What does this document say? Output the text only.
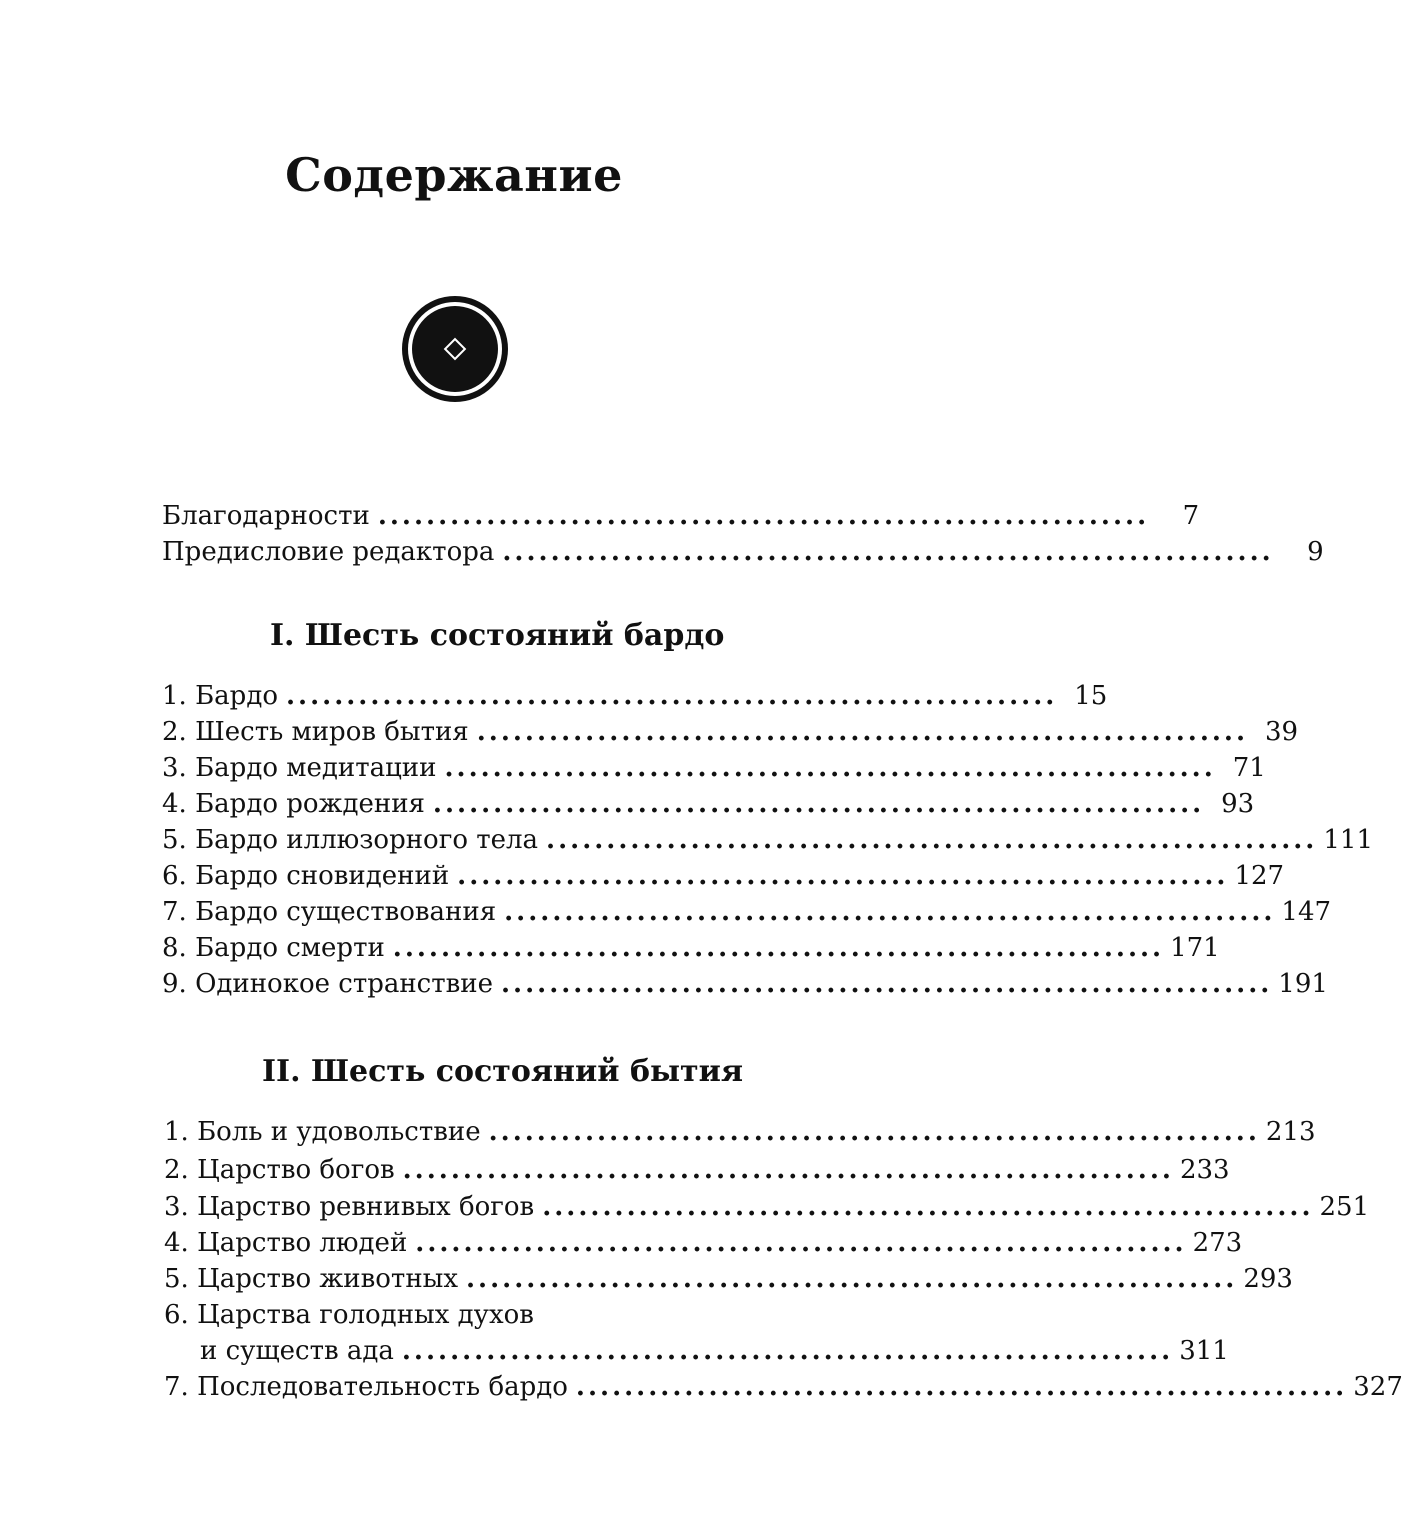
Содержание
Благодарности ................................................................	7
Предисловие редактора ................................................................	9
I. Шесть состояний бардо
1. Бардо ................................................................ 15
2. Шесть миров бытия ................................................................ 39
3. Бардо медитации ................................................................ 71
4. Бардо рождения ................................................................ 93
5. Бардо иллюзорного тела ................................................................ 111
6. Бардо сновидений ................................................................ 127
7. Бардо существования ................................................................ 147
8. Бардо смерти ................................................................ 171
9. Одинокое странствие ................................................................ 191
II. Шесть состояний бытия
1. Боль и удовольствие ................................................................ 213
2. Царство богов ................................................................ 233
3. Царство ревнивых богов ................................................................ 251
4. Царство людей ................................................................ 273
5. Царство животных ................................................................ 293
6. Царства голодных духов
и существ ада ................................................................ 311
7. Последовательность бардо ................................................................ 327
